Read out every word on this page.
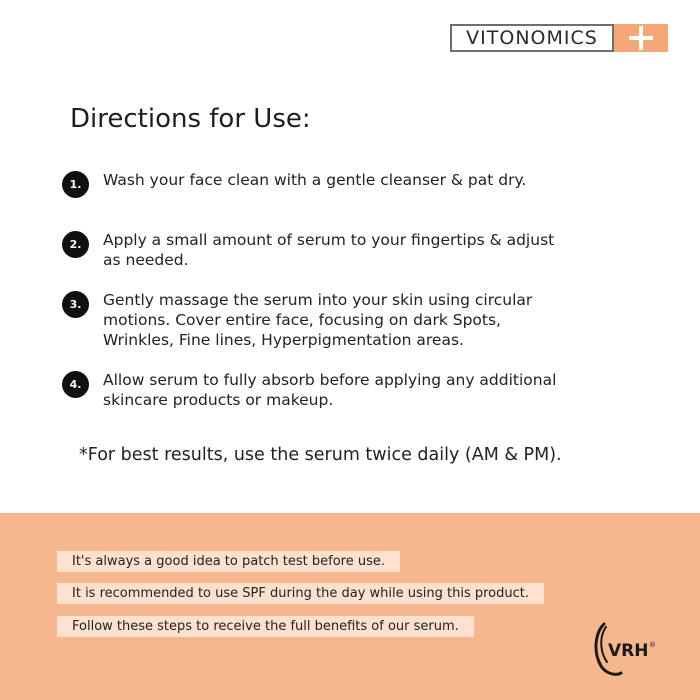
VITONOMICS
Directions for Use:
1.	Wash your face clean with a gentle cleanser & pat dry.
2.	Apply a small amount of serum to your fingertips & adjust as needed.
3.	Gently massage the serum into your skin using circular motions. Cover entire face, focusing on dark Spots, Wrinkles, Fine lines, Hyperpigmentation areas.
4.	Allow serum to fully absorb before applying any additional skincare products or makeup.
*For best results, use the serum twice daily (AM & PM).
It's always a good idea to patch test before use.
It is recommended to use SPF during the day while using this product.
Follow these steps to receive the full benefits of our serum.
VRH ®
